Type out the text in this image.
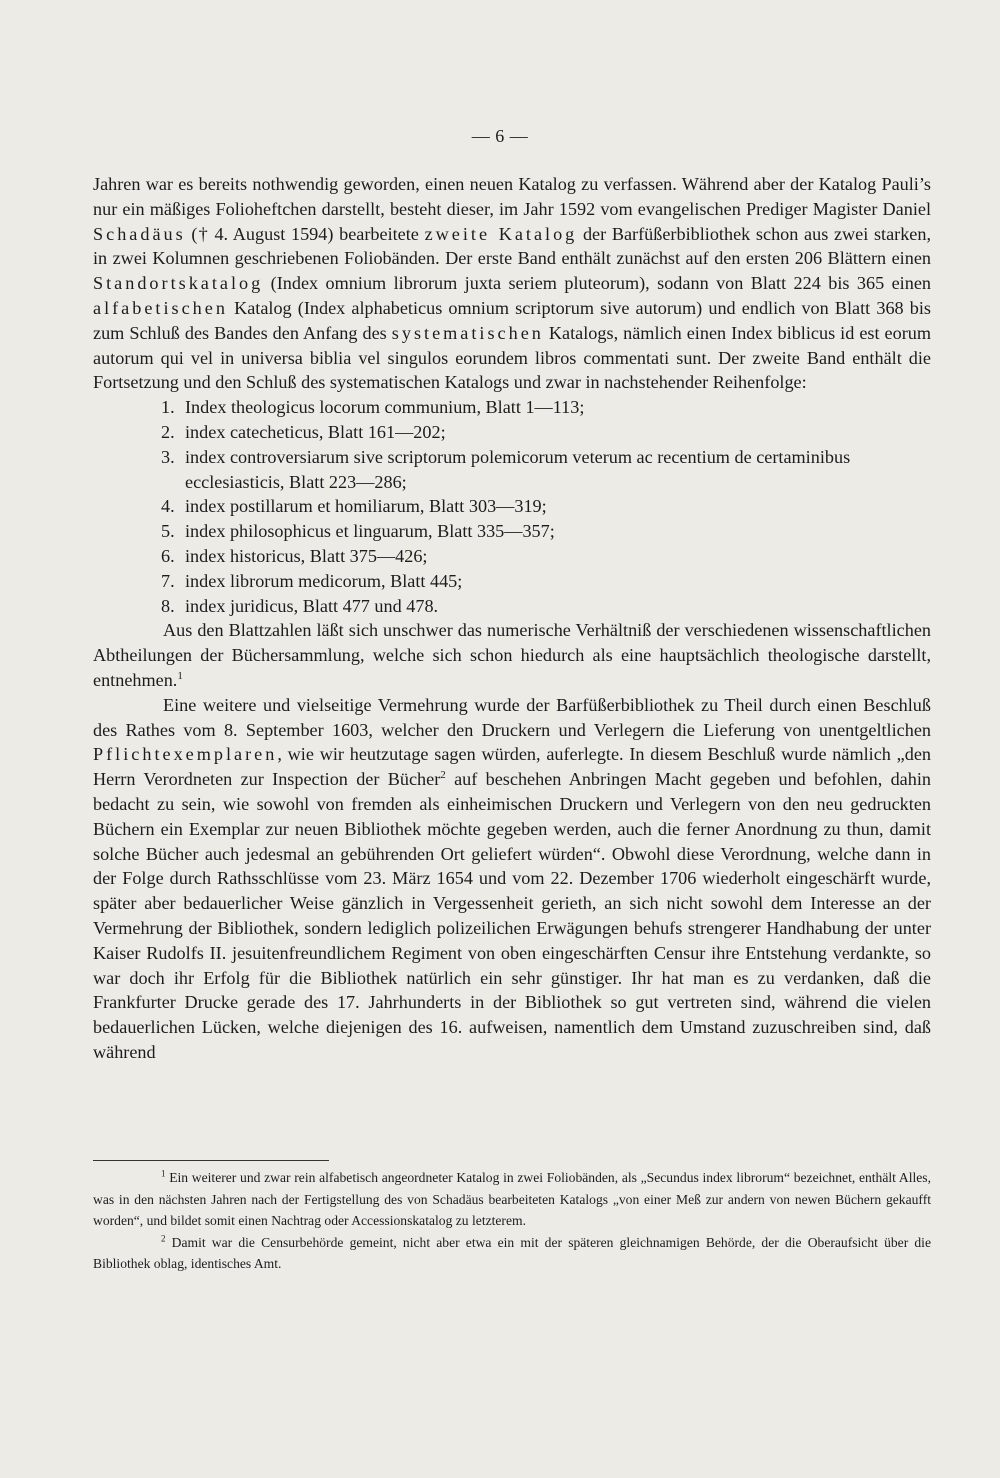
— 6 —

Jahren war es bereits nothwendig geworden, einen neuen Katalog zu verfassen. Während aber der Katalog Pauli’s nur ein mäßiges Folioheftchen darstellt, besteht dieser, im Jahr 1592 vom evangelischen Prediger Magister Daniel Schadäus († 4. August 1594) bearbeitete zweite Katalog der Barfüßerbibliothek schon aus zwei starken, in zwei Kolumnen geschriebenen Foliobänden. Der erste Band enthält zunächst auf den ersten 206 Blättern einen Standortskatalog (Index omnium librorum juxta seriem pluteorum), sodann von Blatt 224 bis 365 einen alfabetischen Katalog (Index alphabeticus omnium scriptorum sive autorum) und endlich von Blatt 368 bis zum Schluß des Bandes den Anfang des systematischen Katalogs, nämlich einen Index biblicus id est eorum autorum qui vel in universa biblia vel singulos eorundem libros commentati sunt. Der zweite Band enthält die Fortsetzung und den Schluß des systematischen Katalogs und zwar in nachstehender Reihenfolge:

1. Index theologicus locorum communium, Blatt 1—113;
2. index catecheticus, Blatt 161—202;
3. index controversiarum sive scriptorum polemicorum veterum ac recentium de certaminibus ecclesiasticis, Blatt 223—286;
4. index postillarum et homiliarum, Blatt 303—319;
5. index philosophicus et linguarum, Blatt 335—357;
6. index historicus, Blatt 375—426;
7. index librorum medicorum, Blatt 445;
8. index juridicus, Blatt 477 und 478.

Aus den Blattzahlen läßt sich unschwer das numerische Verhältniß der verschiedenen wissenschaftlichen Abtheilungen der Büchersammlung, welche sich schon hiedurch als eine hauptsächlich theologische darstellt, entnehmen.$^1$

Eine weitere und vielseitige Vermehrung wurde der Barfüßerbibliothek zu Theil durch einen Beschluß des Rathes vom 8. September 1603, welcher den Druckern und Verlegern die Lieferung von unentgeltlichen Pflichtexemplaren, wie wir heutzutage sagen würden, auferlegte. In diesem Beschluß wurde nämlich „den Herrn Verordneten zur Inspection der Bücher$^2$ auf beschehen Anbringen Macht gegeben und befohlen, dahin bedacht zu sein, wie sowohl von fremden als einheimischen Druckern und Verlegern von den neu gedruckten Büchern ein Exemplar zur neuen Bibliothek möchte gegeben werden, auch die ferner Anordnung zu thun, damit solche Bücher auch jedesmal an gebührenden Ort geliefert würden“. Obwohl diese Verordnung, welche dann in der Folge durch Rathsschlüsse vom 23. März 1654 und vom 22. Dezember 1706 wiederholt eingeschärft wurde, später aber bedauerlicher Weise gänzlich in Vergessenheit gerieth, an sich nicht sowohl dem Interesse an der Vermehrung der Bibliothek, sondern lediglich polizeilichen Erwägungen behufs strengerer Handhabung der unter Kaiser Rudolfs II. jesuitenfreundlichem Regiment von oben eingeschärften Censur ihre Entstehung verdankte, so war doch ihr Erfolg für die Bibliothek natürlich ein sehr günstiger. Ihr hat man es zu verdanken, daß die Frankfurter Drucke gerade des 17. Jahrhunderts in der Bibliothek so gut vertreten sind, während die vielen bedauerlichen Lücken, welche diejenigen des 16. aufweisen, namentlich dem Umstand zuzuschreiben sind, daß während

$^1$ Ein weiterer und zwar rein alfabetisch angeordneter Katalog in zwei Foliobänden, als „Secundus index librorum“ bezeichnet, enthält Alles, was in den nächsten Jahren nach der Fertigstellung des von Schadäus bearbeiteten Katalogs „von einer Meß zur andern von newen Büchern gekaufft worden“, und bildet somit einen Nachtrag oder Accessionskatalog zu letzterem.

$^2$ Damit war die Censurbehörde gemeint, nicht aber etwa ein mit der späteren gleichnamigen Behörde, der die Oberaufsicht über die Bibliothek oblag, identisches Amt.
